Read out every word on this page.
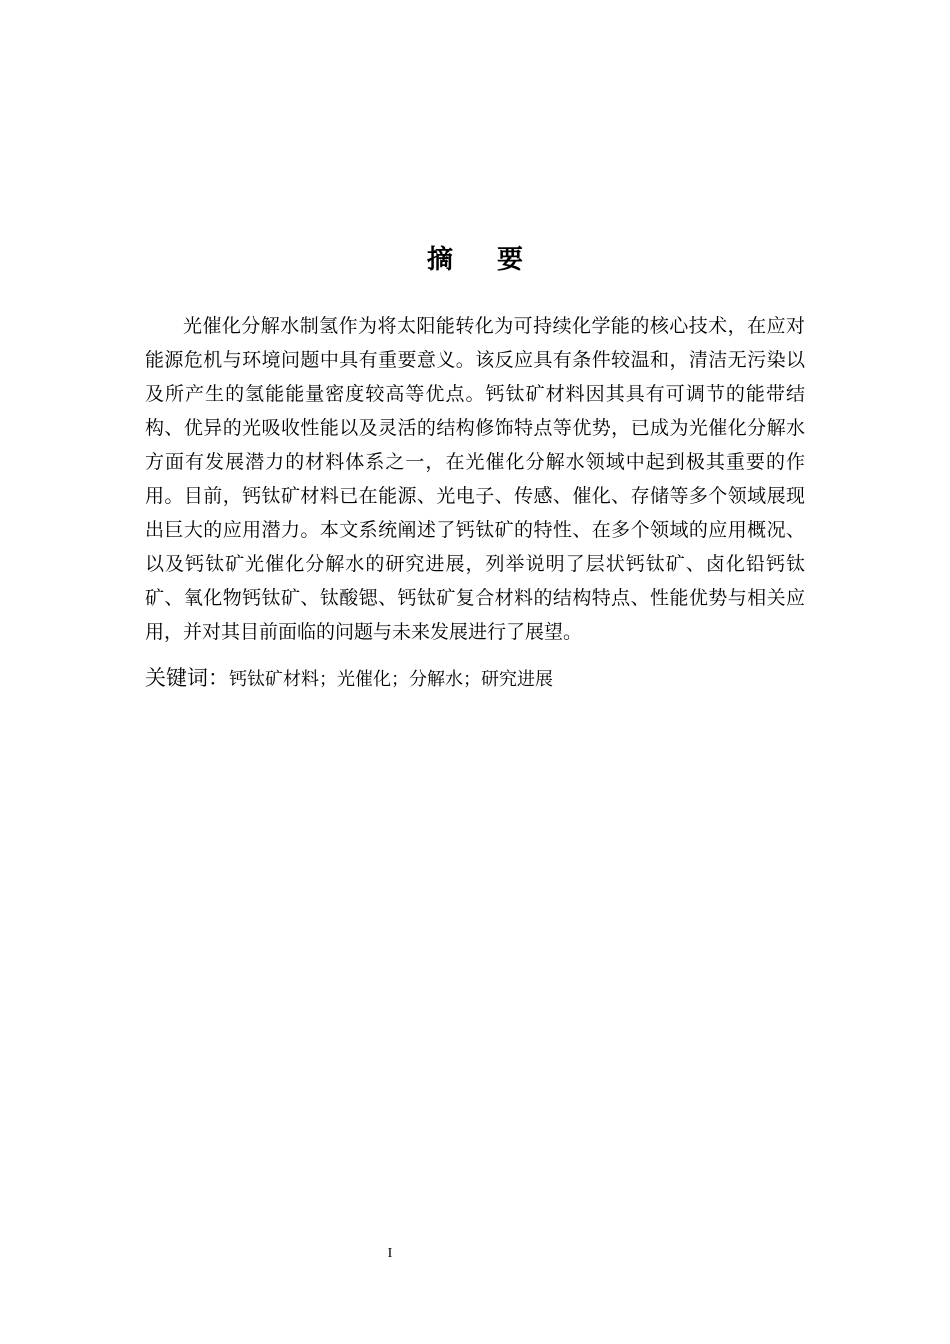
摘要

光催化分解水制氢作为将太阳能转化为可持续化学能的核心技术，在应对能源危机与环境问题中具有重要意义。该反应具有条件较温和，清洁无污染以及所产生的氢能能量密度较高等优点。钙钛矿材料因其具有可调节的能带结构、优异的光吸收性能以及灵活的结构修饰特点等优势，已成为光催化分解水方面有发展潜力的材料体系之一，在光催化分解水领域中起到极其重要的作用。目前，钙钛矿材料已在能源、光电子、传感、催化、存储等多个领域展现出巨大的应用潜力。本文系统阐述了钙钛矿的特性、在多个领域的应用概况、以及钙钛矿光催化分解水的研究进展，列举说明了层状钙钛矿、卤化铅钙钛矿、氧化物钙钛矿、钛酸锶、钙钛矿复合材料的结构特点、性能优势与相关应用，并对其目前面临的问题与未来发展进行了展望。

关键词：钙钛矿材料；光催化；分解水；研究进展
I
